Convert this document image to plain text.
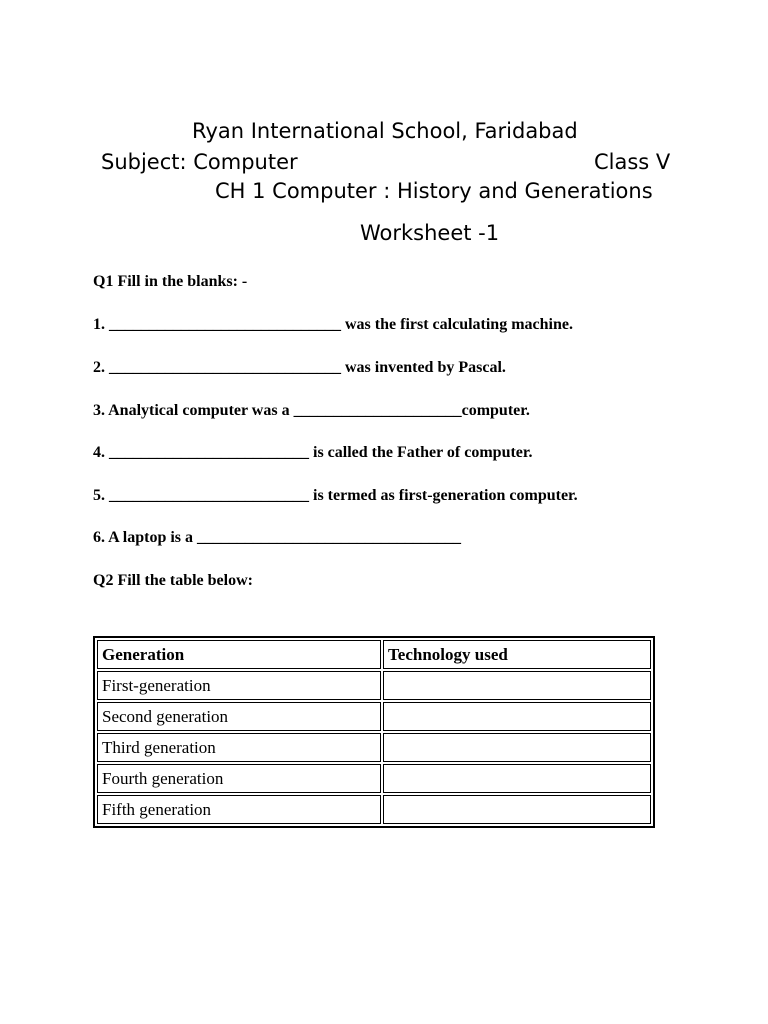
Ryan International School, Faridabad
Subject: Computer	Class V
CH 1 Computer : History and Generations
Worksheet -1
Q1 Fill in the blanks: -
1. _____________________________ was the first calculating machine.
2. _____________________________ was invented by Pascal.
3. Analytical computer was a _____________________computer.
4. _________________________ is called the Father of computer.
5. _________________________ is termed as first-generation computer.
6. A laptop is a _________________________________
Q2 Fill the table below:
Generation	Technology used
First-generation	
Second generation	
Third generation	
Fourth generation	
Fifth generation	
